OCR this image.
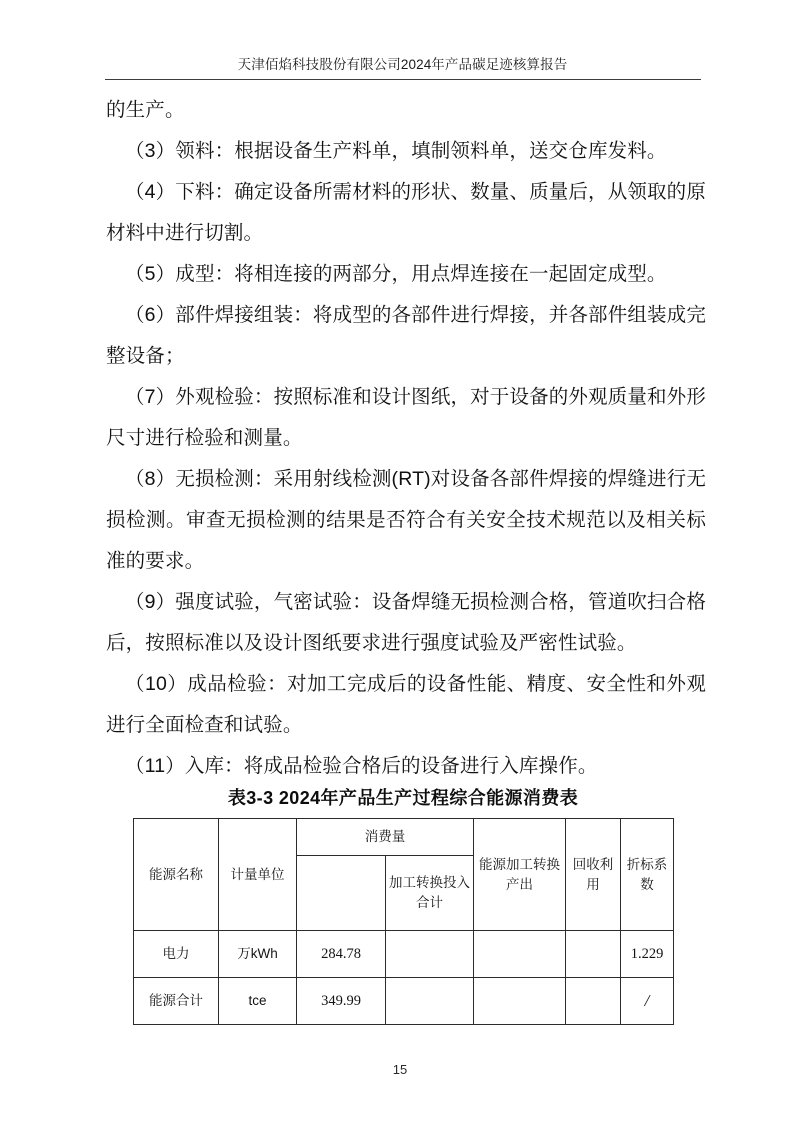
天津佰焰科技股份有限公司2024年产品碳足迹核算报告

的生产。

（3）领料：根据设备生产料单，填制领料单，送交仓库发料。

（4）下料：确定设备所需材料的形状、数量、质量后，从领取的原材料中进行切割。

（5）成型：将相连接的两部分，用点焊连接在一起固定成型。

（6）部件焊接组装：将成型的各部件进行焊接，并各部件组装成完整设备；

（7）外观检验：按照标准和设计图纸，对于设备的外观质量和外形尺寸进行检验和测量。

（8）无损检测：采用射线检测(RT)对设备各部件焊接的焊缝进行无损检测。审查无损检测的结果是否符合有关安全技术规范以及相关标准的要求。

（9）强度试验，气密试验：设备焊缝无损检测合格，管道吹扫合格后，按照标准以及设计图纸要求进行强度试验及严密性试验。

（10）成品检验：对加工完成后的设备性能、精度、安全性和外观进行全面检查和试验。

（11）入库：将成品检验合格后的设备进行入库操作。

表3-3 2024年产品生产过程综合能源消费表
能源名称	计量单位	消费量		能源加工转换产出	回收利用	折标系数
			加工转换投入合计			
电力	万kWh	284.78				1.229
能源合计	tce	349.99				/
15
